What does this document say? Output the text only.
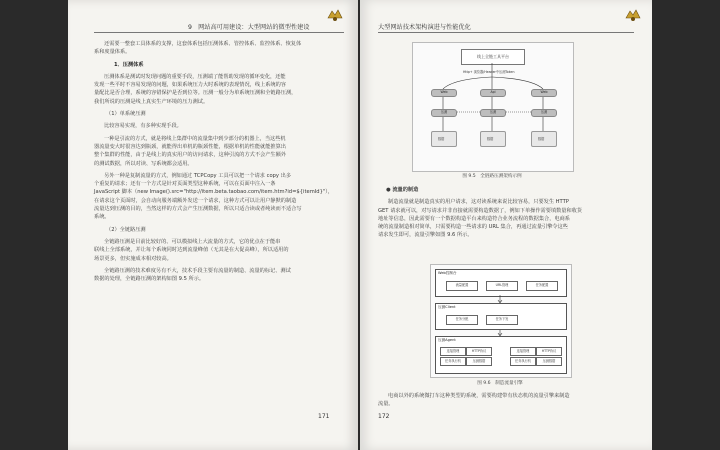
9　网站高可用建设：大型网站的微型性建设

还需要一整套工具体系的支撑，这套体系包括压测体系、管控体系、监控体系、恢复体

系和度量体系。

1．压测体系

压测体系是测试时发现问题的重要手段，压测端了能帮助发现的循环变化，还能

发现一些平时不容易发现的问题，如果系统压力大时系统的表现情况，线上系统的容

量配比是否合理，系统的容错保护是否到位等。压测一般分为单系统压测和全链路压测，

我们所说的压测是线上真实生产环境的压力测试。

（1）单系统压测

比较容易实现，有多种实现手段。

一种是引流的方式，就是将线上集群中的流量集中到少部分的机器上，当这些机

器流量变大时很容达到瓶颈，就能得出单机的瓶颈性能，根据单机的性能就能推算出

整个集群的性能，由于是线上的真实用户的访问请求，这种引流的方式不会产生额外

的测试数据，所以对读、写系统都会适用。

另外一种是复制流量的方式，例如通过 TCPCopy 工具可以把一个请求 copy 出多

个重复的请求；还有一个方式是针对页面类型这种系统，可以在页面中注入一条

JavaScript 脚本（new Image().src="http://item.beta.taobao.com/item.htm?id=${itemId}"），

在请求这个页面时，会自动向服务端额外发送一个请求，这种方式可以让用户静默的制造

流量达到压测的目的，当然这样的方式会产生压测数据，所以只适合读或者纯读而不适合写

系统。

（2）全链路压测

全链路压测是目前比较好的、可以模拟线上大流量的方式，它的优点在于能串

联线上全部系统，并让每个系统同时达到流量峰值（无其是在大促高峰），所以适用的

场景更多，但实施成本相对较高。

全链路压测的技术难度另有不大，技术手段主要有流量的制造、流量的标记、测试

数据的处理，全链路压测的架构如图 9.5 所示。

171
大型网站技术架构演进与性能优化
线上全链工具平台
Http+ 浏览器/Header中压测Token
Web
压测
Api
压测
Web
压测
数据	数据	数据
图 9.5　全链路压测架构示例

● 流量的制造

制造流量就是制造真实的用户请求，这对读系统来说比较容易，只要发生 HTTP

GET 请求就可以，对写请求并非直接就需要构造数据了，例如下单操作需要填数量和收货

地址等信息，因此需要有一个数据构造平台来构造符合业务流程的数据集合，电商系

统的流量制造相对简单，只需要构造一些请求的 URL 集合，再通过流量引擎令这些

请求发生即可，流量引擎如图 9.6 所示。

Web控制台
流量配置	URL管理	任务配置
压测Client
任务分配	任务下发
压测Agent
连接管理	HTTP协议
任务执行机	压测数据
连接管理	HTTP协议
任务执行机	压测数据
图 9.6　制造流量引擎

电商以外的系统微打车这种类型的系统，需要构建带有状态机的流量引擎来制造

流量。

172
